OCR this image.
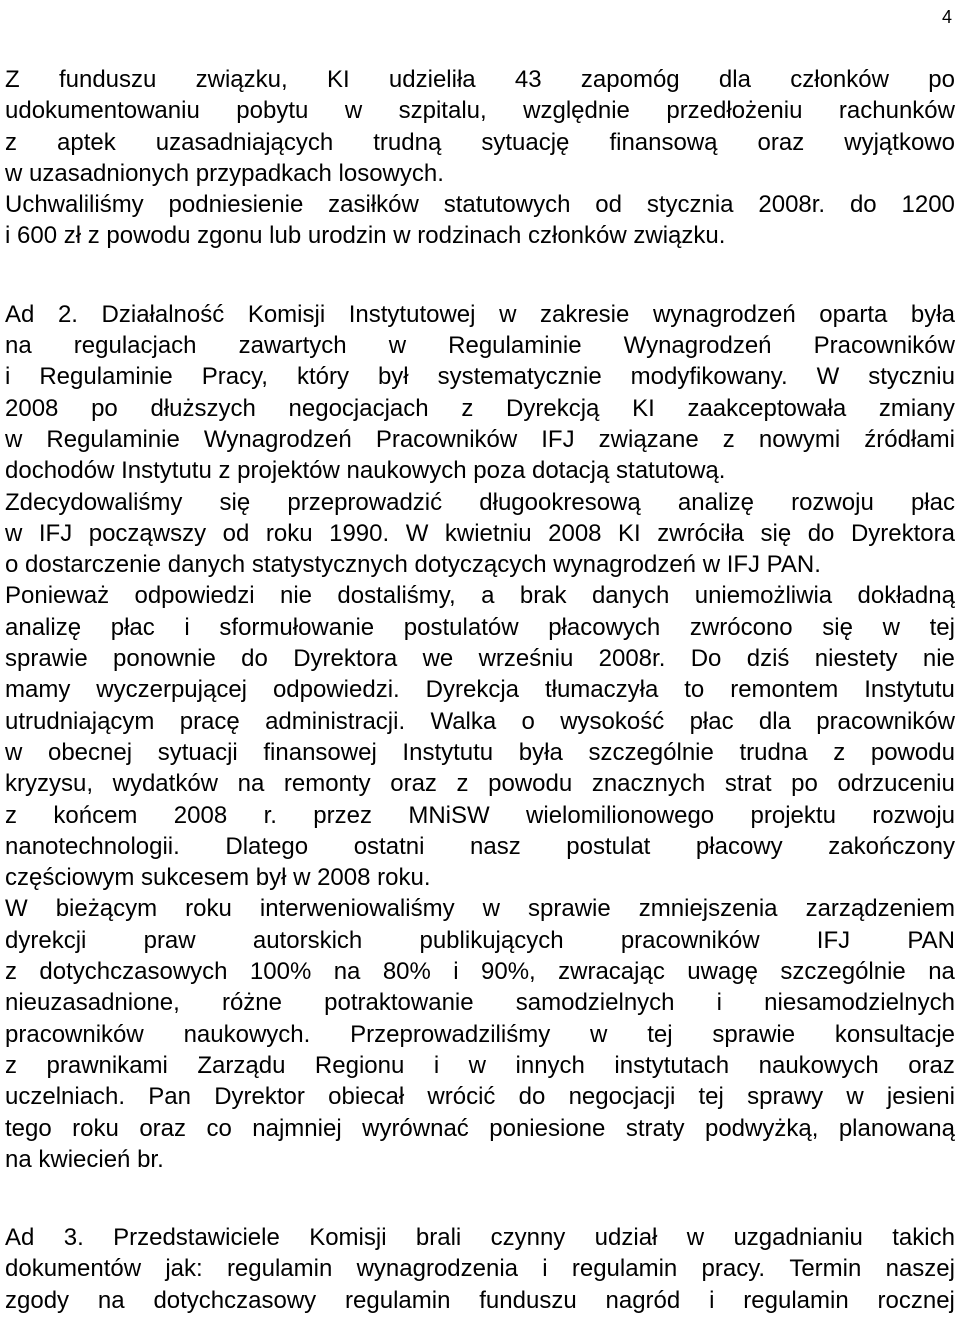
4
Z funduszu związku, KI udzieliła 43 zapomóg dla członków po
udokumentowaniu pobytu w szpitalu, względnie przedłożeniu rachunków
z aptek uzasadniających trudną sytuację finansową oraz wyjątkowo
w uzasadnionych przypadkach losowych.
Uchwaliliśmy podniesienie zasiłków statutowych od stycznia 2008r. do 1200
i 600 zł z powodu zgonu lub urodzin w rodzinach członków związku.
Ad 2. Działalność Komisji Instytutowej w zakresie wynagrodzeń oparta była
na regulacjach zawartych w Regulaminie Wynagrodzeń Pracowników
i Regulaminie Pracy, który był systematycznie modyfikowany. W styczniu
2008 po dłuższych negocjacjach z Dyrekcją KI zaakceptowała zmiany
w Regulaminie Wynagrodzeń Pracowników IFJ związane z nowymi źródłami
dochodów Instytutu z projektów naukowych poza dotacją statutową.
Zdecydowaliśmy się przeprowadzić długookresową analizę rozwoju płac
w IFJ począwszy od roku 1990. W kwietniu 2008 KI zwróciła się do Dyrektora
o dostarczenie danych statystycznych dotyczących wynagrodzeń w IFJ PAN.
Ponieważ odpowiedzi nie dostaliśmy, a brak danych uniemożliwia dokładną
analizę płac i sformułowanie postulatów płacowych zwrócono się w tej
sprawie ponownie do Dyrektora we wrześniu 2008r. Do dziś niestety nie
mamy wyczerpującej odpowiedzi. Dyrekcja tłumaczyła to remontem Instytutu
utrudniającym pracę administracji. Walka o wysokość płac dla pracowników
w obecnej sytuacji finansowej Instytutu była szczególnie trudna z powodu
kryzysu, wydatków na remonty oraz z powodu znacznych strat po odrzuceniu
z końcem 2008 r. przez MNiSW wielomilionowego projektu rozwoju
nanotechnologii. Dlatego ostatni nasz postulat płacowy zakończony
częściowym sukcesem był w 2008 roku.
W bieżącym roku interweniowaliśmy w sprawie zmniejszenia zarządzeniem
dyrekcji praw autorskich publikujących pracowników IFJ PAN
z dotychczasowych 100% na 80% i 90%, zwracając uwagę szczególnie na
nieuzasadnione, różne potraktowanie samodzielnych i niesamodzielnych
pracowników naukowych. Przeprowadziliśmy w tej sprawie konsultacje
z prawnikami Zarządu Regionu i w innych instytutach naukowych oraz
uczelniach. Pan Dyrektor obiecał wrócić do negocjacji tej sprawy w jesieni
tego roku oraz co najmniej wyrównać poniesione straty podwyżką, planowaną
na kwiecień br.
Ad 3. Przedstawiciele Komisji brali czynny udział w uzgadnianiu takich
dokumentów jak: regulamin wynagrodzenia i regulamin pracy. Termin naszej
zgody na dotychczasowy regulamin funduszu nagród i regulamin rocznej
